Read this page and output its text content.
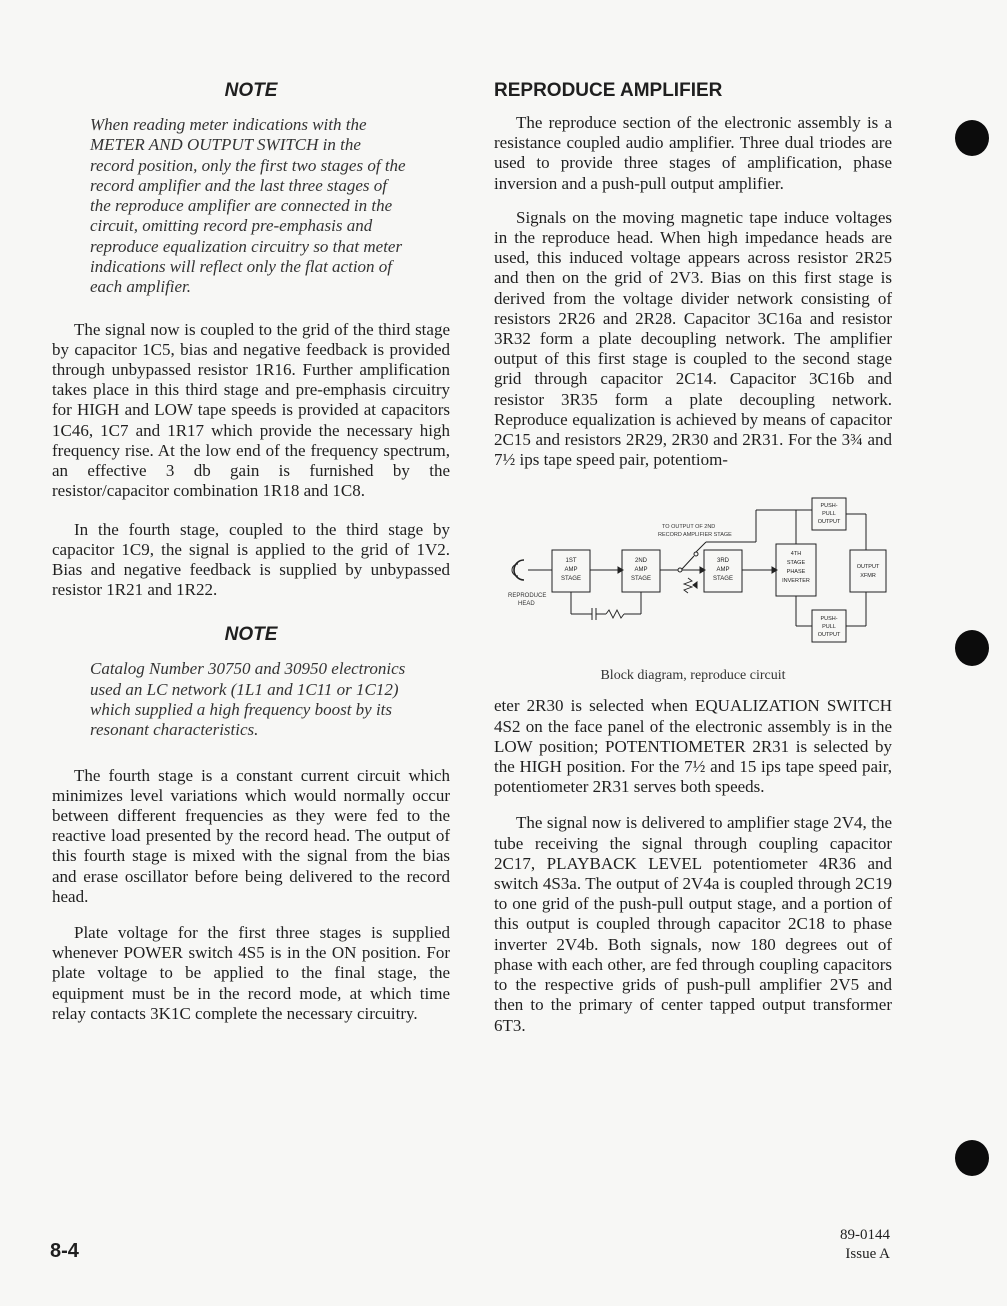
NOTE
When reading meter indications with the METER AND OUTPUT SWITCH in the record position, only the first two stages of the record amplifier and the last three stages of the reproduce amplifier are connected in the circuit, omitting record pre-emphasis and reproduce equalization circuitry so that meter indications will reflect only the flat action of each amplifier.

The signal now is coupled to the grid of the third stage by capacitor 1C5, bias and negative feedback is provided through unbypassed resistor 1R16. Further amplification takes place in this third stage and pre-emphasis circuitry for HIGH and LOW tape speeds is provided at capacitors 1C46, 1C7 and 1R17 which provide the necessary high frequency rise. At the low end of the frequency spectrum, an effective 3 db gain is furnished by the resistor/capacitor combination 1R18 and 1C8.

In the fourth stage, coupled to the third stage by capacitor 1C9, the signal is applied to the grid of 1V2. Bias and negative feedback is supplied by unbypassed resistor 1R21 and 1R22.

NOTE
Catalog Number 30750 and 30950 electronics used an LC network (1L1 and 1C11 or 1C12) which supplied a high frequency boost by its resonant characteristics.

The fourth stage is a constant current circuit which minimizes level variations which would normally occur between different frequencies as they were fed to the reactive load presented by the record head. The output of this fourth stage is mixed with the signal from the bias and erase oscillator before being delivered to the record head.

Plate voltage for the first three stages is supplied whenever POWER switch 4S5 is in the ON position. For plate voltage to be applied to the final stage, the equipment must be in the record mode, at which time relay contacts 3K1C complete the necessary circuitry.

REPRODUCE AMPLIFIER

The reproduce section of the electronic assembly is a resistance coupled audio amplifier. Three dual triodes are used to provide three stages of amplification, phase inversion and a push-pull output amplifier.

Signals on the moving magnetic tape induce voltages in the reproduce head. When high impedance heads are used, this induced voltage appears across resistor 2R25 and then on the grid of 2V3. Bias on this first stage is derived from the voltage divider network consisting of resistors 2R26 and 2R28. Capacitor 3C16a and resistor 3R32 form a plate decoupling network. The amplifier output of this first stage is coupled to the second stage grid through capacitor 2C14. Capacitor 3C16b and resistor 3R35 form a plate decoupling network. Reproduce equalization is achieved by means of capacitor 2C15 and resistors 2R29, 2R30 and 2R31. For the 3¾ and 7½ ips tape speed pair, potentiom-

REPRODUCE
HEAD
1ST
AMP
STAGE
2ND
AMP
STAGE
TO OUTPUT OF 2ND
RECORD AMPLIFIER STAGE
3RD
AMP
STAGE
4TH
STAGE
PHASE
INVERTER
PUSH-
PULL
OUTPUT
PUSH-
PULL
OUTPUT
OUTPUT
XFMR
Block diagram, reproduce circuit

eter 2R30 is selected when EQUALIZATION SWITCH 4S2 on the face panel of the electronic assembly is in the LOW position; POTENTIOMETER 2R31 is selected by the HIGH position. For the 7½ and 15 ips tape speed pair, potentiometer 2R31 serves both speeds.

The signal now is delivered to amplifier stage 2V4, the tube receiving the signal through coupling capacitor 2C17, PLAYBACK LEVEL potentiometer 4R36 and switch 4S3a. The output of 2V4a is coupled through 2C19 to one grid of the push-pull output stage, and a portion of this output is coupled through capacitor 2C18 to phase inverter 2V4b. Both signals, now 180 degrees out of phase with each other, are fed through coupling capacitors to the respective grids of push-pull amplifier 2V5 and then to the primary of center tapped output transformer 6T3.

8-4
89-0144
Issue A
